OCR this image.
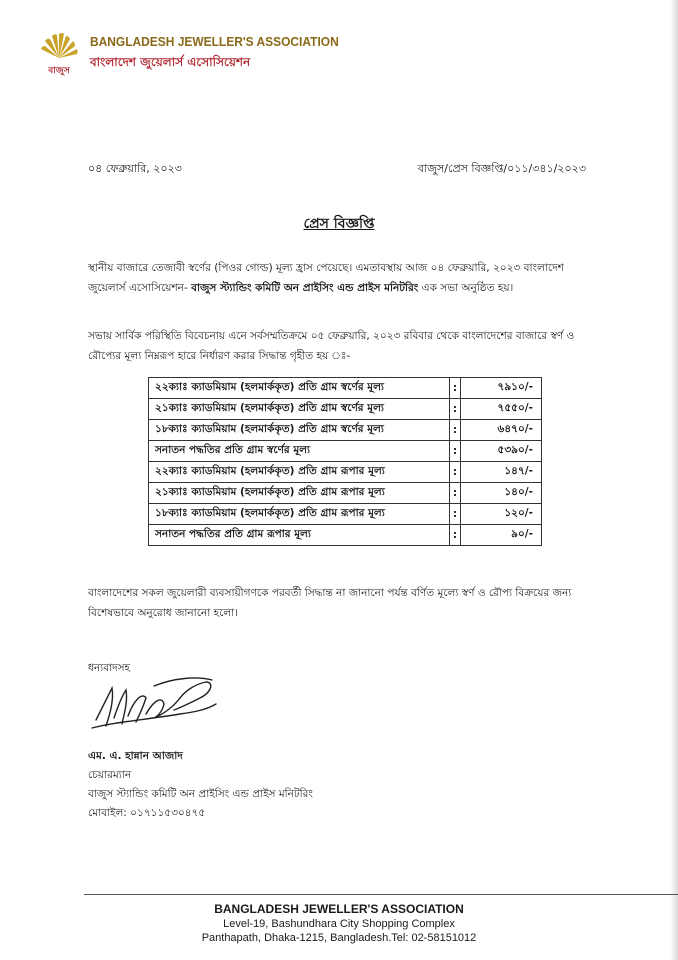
বাজুস
BANGLADESH JEWELLER'S ASSOCIATION
বাংলাদেশ জুয়েলার্স এসোসিয়েশন
০৪ ফেব্রুয়ারি, ২০২৩	বাজুস/প্রেস বিজ্ঞপ্তি/০১১/৩৪১/২০২৩
প্রেস বিজ্ঞপ্তি
স্থানীয় বাজারে তেজাবী স্বর্ণের (পিওর গোল্ড) মূল্য হ্রাস পেয়েছে। এমতাবস্থায় আজ ০৪ ফেব্রুয়ারি, ২০২৩ বাংলাদেশ জুয়েলার্স এসোসিয়েশন- বাজুস স্ট্যান্ডিং কমিটি অন প্রাইসিং এন্ড প্রাইস মনিটরিং এক সভা অনুষ্ঠিত হয়।
সভায় সার্বিক পরিস্থিতি বিবেচনায় এনে সর্বসম্মতিক্রমে ০৫ ফেব্রুয়ারি, ২০২৩ রবিবার থেকে বাংলাদেশের বাজারে স্বর্ণ ও রৌপ্যের মূল্য নিম্নরূপ হারে নির্ধারণ করার সিদ্ধান্ত গৃহীত হয় ঃ-
২২ক্যাঃ ক্যাডমিয়াম (হলমার্ককৃত) প্রতি গ্রাম স্বর্ণের মূল্য	:	৭৯১০/-
২১ক্যাঃ ক্যাডমিয়াম (হলমার্ককৃত) প্রতি গ্রাম স্বর্ণের মূল্য	:	৭৫৫০/-
১৮ক্যাঃ ক্যাডমিয়াম (হলমার্ককৃত) প্রতি গ্রাম স্বর্ণের মূল্য	:	৬৪৭০/-
সনাতন পদ্ধতির প্রতি গ্রাম স্বর্ণের মূল্য	:	৫৩৯০/-
২২ক্যাঃ ক্যাডমিয়াম (হলমার্ককৃত) প্রতি গ্রাম রূপার মূল্য	:	১৪৭/-
২১ক্যাঃ ক্যাডমিয়াম (হলমার্ককৃত) প্রতি গ্রাম রূপার মূল্য	:	১৪০/-
১৮ক্যাঃ ক্যাডমিয়াম (হলমার্ককৃত) প্রতি গ্রাম রূপার মূল্য	:	১২০/-
সনাতন পদ্ধতির প্রতি গ্রাম রূপার মূল্য	:	৯০/-
বাংলাদেশের সকল জুয়েলারী ব্যবসায়ীগণকে পরবর্তী সিদ্ধান্ত না জানানো পর্যন্ত বর্ণিত মূল্যে স্বর্ণ ও রৌপ্য বিক্রয়ের জন্য বিশেষভাবে অনুরোধ জানানো হলো।
ধন্যবাদসহ
এম. এ. হান্নান আজাদ
চেয়ারম্যান
বাজুস স্ট্যান্ডিং কমিটি অন প্রাইসিং এন্ড প্রাইস মনিটরিং
মোবাইল: ০১৭১১৫৩০৪৭৫
BANGLADESH JEWELLER'S ASSOCIATION
Level-19, Bashundhara City Shopping Complex
Panthapath, Dhaka-1215, Bangladesh.Tel: 02-58151012
